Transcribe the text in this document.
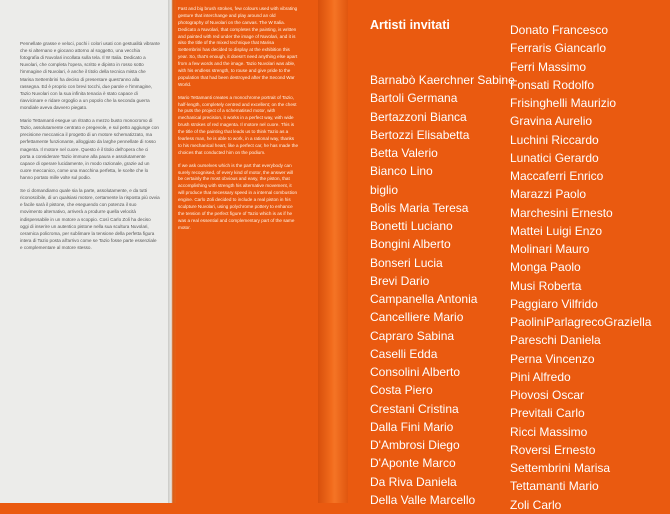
Pennellate grasse e veloci, pochi i colori usati con gestualità vibrante che si alternano e giocano attorno al soggetto, una vecchia fotografia di Nuvolari incollata sulla tela. Il W Italia. Dedicato a Nuvolari, che completa l'opera, scritto e dipinto in rosso sotto l'immagine di Nuvolari, è anche il titolo della tecnica mista che Marisa Settembrini ha deciso di presentare quest'anno alla rassegna. Ed è proprio con brevi tocchi, due parole e l'immagine, Tazio Nuvolari con la sua infinita tenacia è stato capace di riavvicinare e ridare orgoglio a un popolo che la seconda guerra mondiale aveva davvero piegato.

Mario Tettamanti esegue un ritratto a mezzo busto monocromo di Tazio, assolutamente centrato e pregevole, e sul petto aggiunge con precisione meccanica il progetto di un motore schematizzato, ma perfettamente funzionante, alloggiato da larghe pennellate di rosso magenta. Il motore nel cuore. Questo è il titolo dell'opera che ci porta a considerare Tazio immune alla paura e assolutamente capace di operare lucidamente, in modo razionale, grazie ad un cuore meccanico, come una macchina perfetta, le scelte che lo hanno portato mille volte sul podio.

Se ci domandiamo quale sia la parte, assolutamente, e da tutti riconoscibile, di un qualsiasi motore, certamente la risposta più ovvia e facile sarà il pistone, che eseguendo con potenza il suo movimento alternativo, arriverà a produrre quella velocità indispensabile in un motore a scoppio. Così Carlo Zoli ha deciso oggi di inserire un autentico pistone nella sua scultura Nuvolari, ceramica policroma, per sublimare la tensione della perfetta figura intera di Tazio posta all'arrivo come se Tazio fosse parte essenziale e complementare al motore stesso.

Fast and big brush strokes, few colours used with vibrating gesture that interchange and play around an old photography of Nuvolari on the canvas. The W Italia. Dedicato a Nuvolari, that completes the painting, is written and painted with red under the image of Nuvolari, and it is also the title of the mixed technique that Marisa Settembrini has decided to display at the exhibition this year. So, that's enough, it doesn't need anything else apart from a few words and the image. Tazio Nuvolari was able, with his endless strength, to rouse and give pride to the population that had been destroyed after the Second War World.

Mario Tettamanti creates a monochrome portrait of Tazio, half-length, completely centred and excellent; on the chest he puts the project of a schematised motor, with mechanical precision, it works in a perfect way, with wide brush strokes of red magenta. Il motore nel cuore. This is the title of the painting that leads us to think Tazio as a fearless man, he is able to work, in a rational way, thanks to his mechanical heart, like a perfect car, he has made the choices that conducted him on the podium.

If we ask ourselves which is the part that everybody can surely recognised, of every kind of motor, the answer will be certainly the most obvious and easy, the piston, that accomplishing with strength his alternative movement, it will produce that necessary speed in a internal combustion engine. Carlo Zoli decided to include a real piston in his sculpture Nuvolari, using polychrome pottery to enhance the tension of the perfect figure of Tazio which is as if he was a real essential and complementary part of the same motor.

Artisti invitati
Barnabò Kaerchner Sabine
Bartoli Germana
Bertazzoni Bianca
Bertozzi Elisabetta
Betta Valerio
Bianco Lino
biglio
Bolis Maria Teresa
Bonetti Luciano
Bongini Alberto
Bonseri Lucia
Brevi Dario
Campanella Antonia
Cancelliere Mario
Capraro Sabina
Caselli Edda
Consolini Alberto
Costa Piero
Crestani Cristina
Dalla Fini Mario
D'Ambrosi Diego
D'Aponte Marco
Da Riva Daniela
Della Valle Marcello
Donato Francesco
Ferraris Giancarlo
Ferri Massimo
Fonsati Rodolfo
Frisinghelli Maurizio
Gravina Aurelio
Luchini Riccardo
Lunatici Gerardo
Maccaferri Enrico
Marazzi Paolo
Marchesini Ernesto
Mattei Luigi Enzo
Molinari Mauro
Monga Paolo
Musi Roberta
Paggiaro Vilfrido
PaoliniParlagrecoGraziella
Pareschi Daniela
Perna Vincenzo
Pini Alfredo
Piovosi Oscar
Previtali Carlo
Ricci Massimo
Roversi Ernesto
Settembrini Marisa
Tettamanti Mario
Zoli Carlo
